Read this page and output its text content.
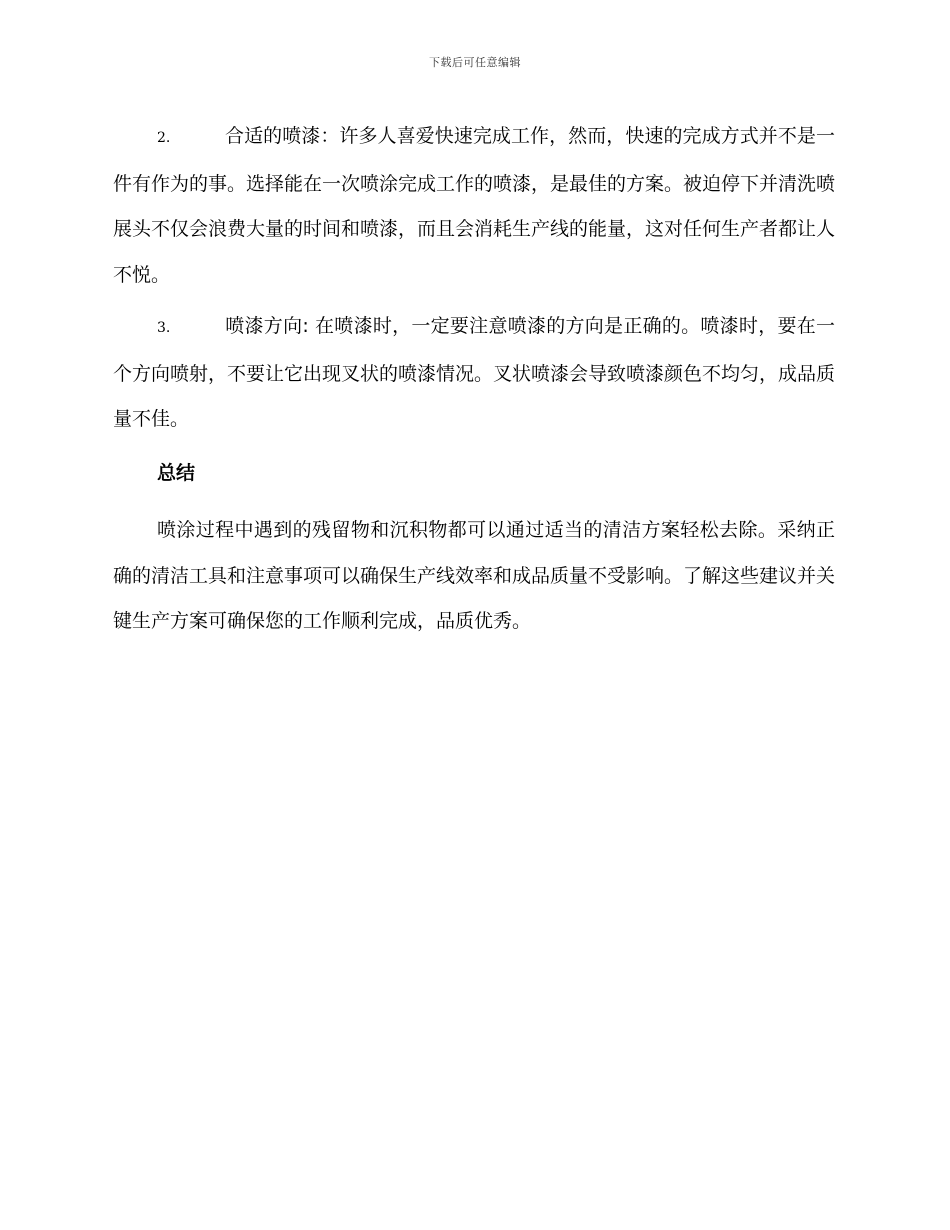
下载后可任意编辑

2.	合适的喷漆：许多人喜爱快速完成工作，然而，快速的完成方式并不是一件有作为的事。选择能在一次喷涂完成工作的喷漆，是最佳的方案。被迫停下并清洗喷展头不仅会浪费大量的时间和喷漆，而且会消耗生产线的能量，这对任何生产者都让人不悦。

3.	喷漆方向: 在喷漆时，一定要注意喷漆的方向是正确的。喷漆时，要在一个方向喷射，不要让它出现叉状的喷漆情况。叉状喷漆会导致喷漆颜色不均匀，成品质量不佳。

总结

喷涂过程中遇到的残留物和沉积物都可以通过适当的清洁方案轻松去除。采纳正确的清洁工具和注意事项可以确保生产线效率和成品质量不受影响。了解这些建议并关键生产方案可确保您的工作顺利完成，品质优秀。
